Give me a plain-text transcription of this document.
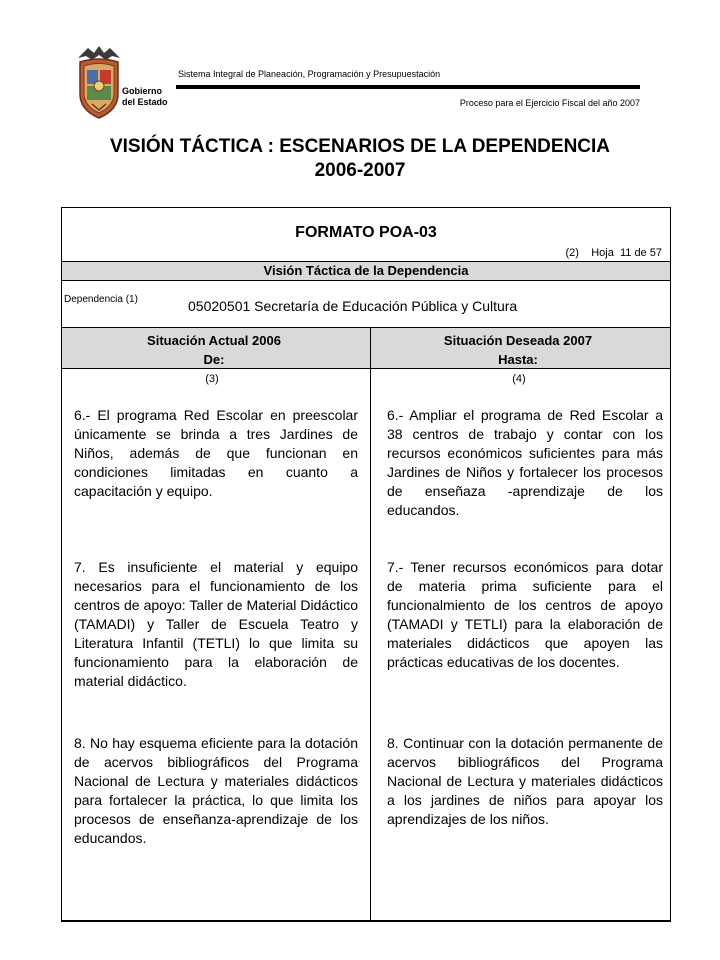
Gobierno
del Estado
Sistema Integral de Planeación, Programación y Presupuestación
Proceso para el Ejercicio Fiscal del año 2007
VISIÓN TÁCTICA : ESCENARIOS DE LA DEPENDENCIA
2006-2007
FORMATO POA-03
(2) Hoja 11 de 57
Visión Táctica de la Dependencia
Dependencia (1)	05020501 Secretaría de Educación Pública y Cultura
Situación Actual 2006
De:
Situación Deseada 2007
Hasta:
(3)	(4)
6.- El programa Red Escolar en preescolar únicamente se brinda a tres Jardines de Niños, además de que funcionan en condiciones limitadas en cuanto a capacitación y equipo.
6.- Ampliar el programa de Red Escolar a 38 centros de trabajo y contar con los recursos económicos suficientes para más Jardines de Niños y fortalecer los procesos de enseñaza -aprendizaje de los educandos.
7. Es insuficiente el material y equipo necesarios para el funcionamiento de los centros de apoyo: Taller de Material Didáctico (TAMADI) y Taller de Escuela Teatro y Literatura Infantil (TETLI) lo que limita su funcionamiento para la elaboración de material didáctico.
7.- Tener recursos económicos para dotar de materia prima suficiente para el funcionalmiento de los centros de apoyo (TAMADI y TETLI) para la elaboración de materiales didácticos que apoyen las prácticas educativas de los docentes.
8. No hay esquema eficiente para la dotación de acervos bibliográficos del Programa Nacional de Lectura y materiales didácticos para fortalecer la práctica, lo que limita los procesos de enseñanza-aprendizaje de los educandos.
8. Continuar con la dotación permanente de acervos bibliográficos del Programa Nacional de Lectura y materiales didácticos a los jardines de niños para apoyar los aprendizajes de los niños.
